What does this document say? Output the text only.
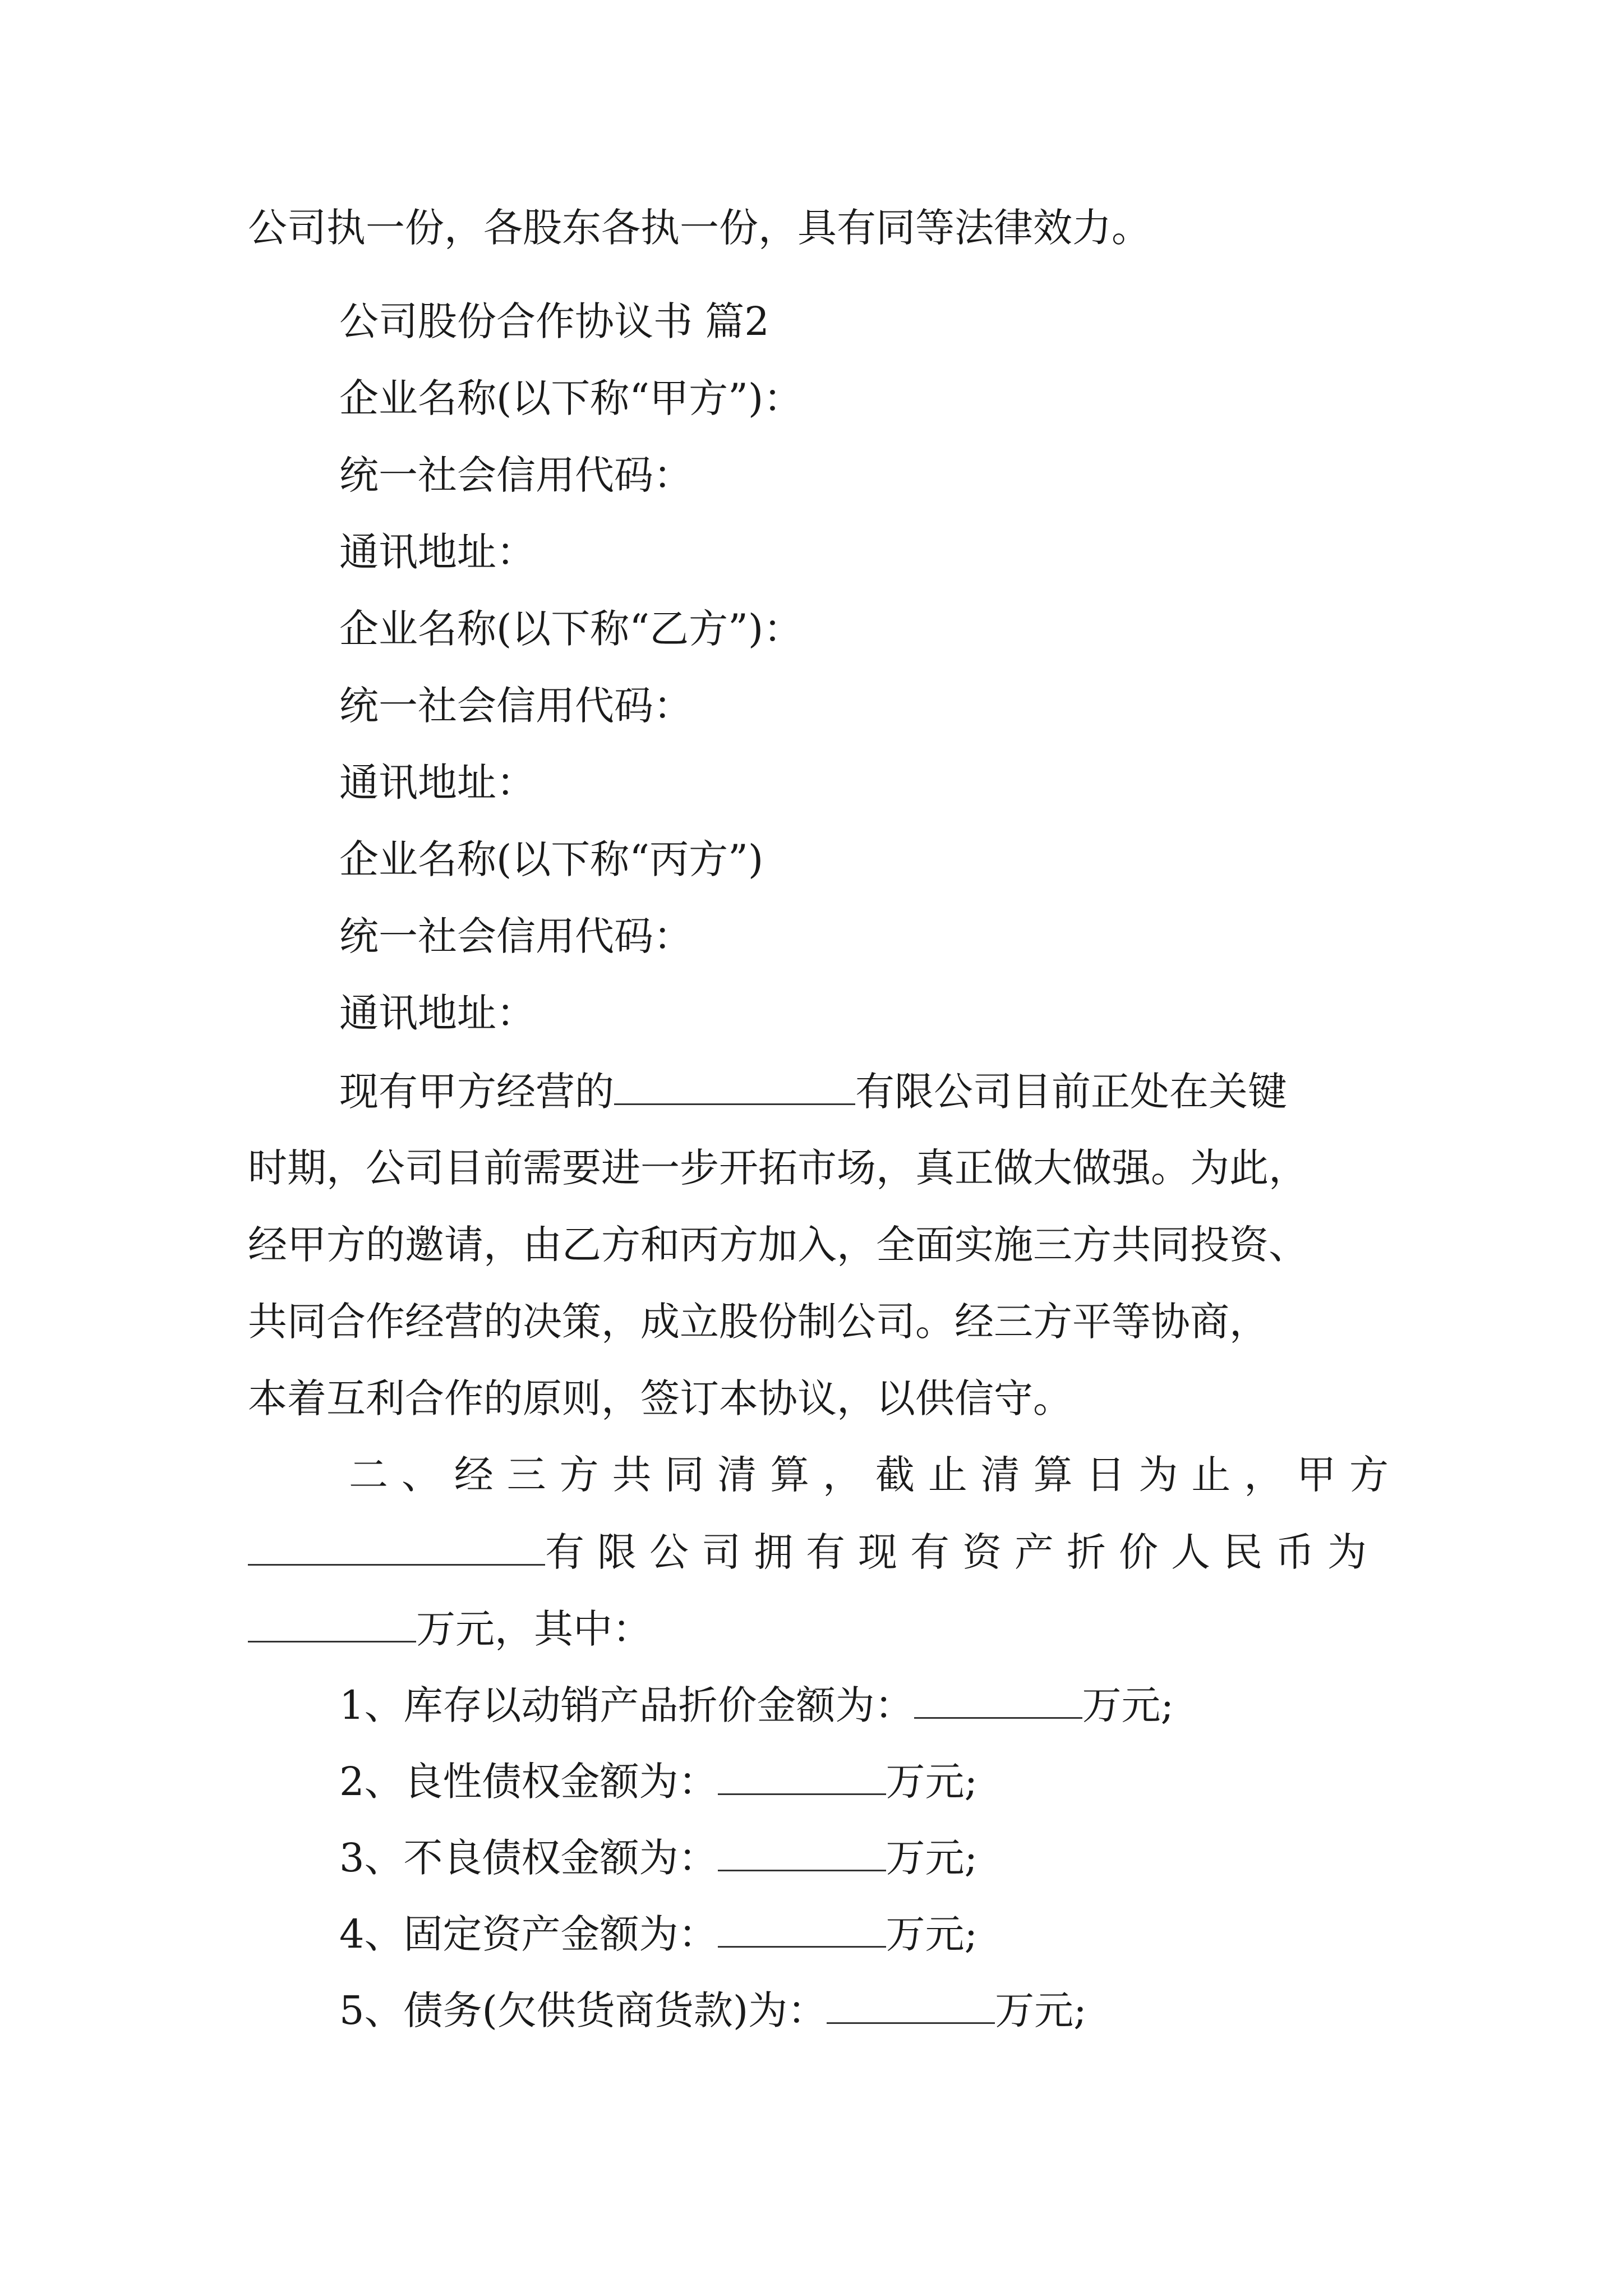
公司执一份，各股东各执一份，具有同等法律效力。
公司股份合作协议书 篇2
企业名称(以下称“甲方”)：
统一社会信用代码：
通讯地址：
企业名称(以下称“乙方”)：
统一社会信用代码：
通讯地址：
企业名称(以下称“丙方”)
统一社会信用代码：
通讯地址：
现有甲方经营的	有限公司目前正处在关键
时期，公司目前需要进一步开拓市场，真正做大做强。为此，
经甲方的邀请，由乙方和丙方加入，全面实施三方共同投资、
共同合作经营的决策，成立股份制公司。经三方平等协商，
本着互利合作的原则，签订本协议，以供信守。
二、经三方共同清算，截止清算日为止，甲方
有限公司拥有现有资产折价人民币为
万元，其中：
1、库存以动销产品折价金额为：	万元;
2、良性债权金额为：	万元;
3、不良债权金额为：	万元;
4、固定资产金额为：	万元;
5、债务(欠供货商货款)为：	万元;
